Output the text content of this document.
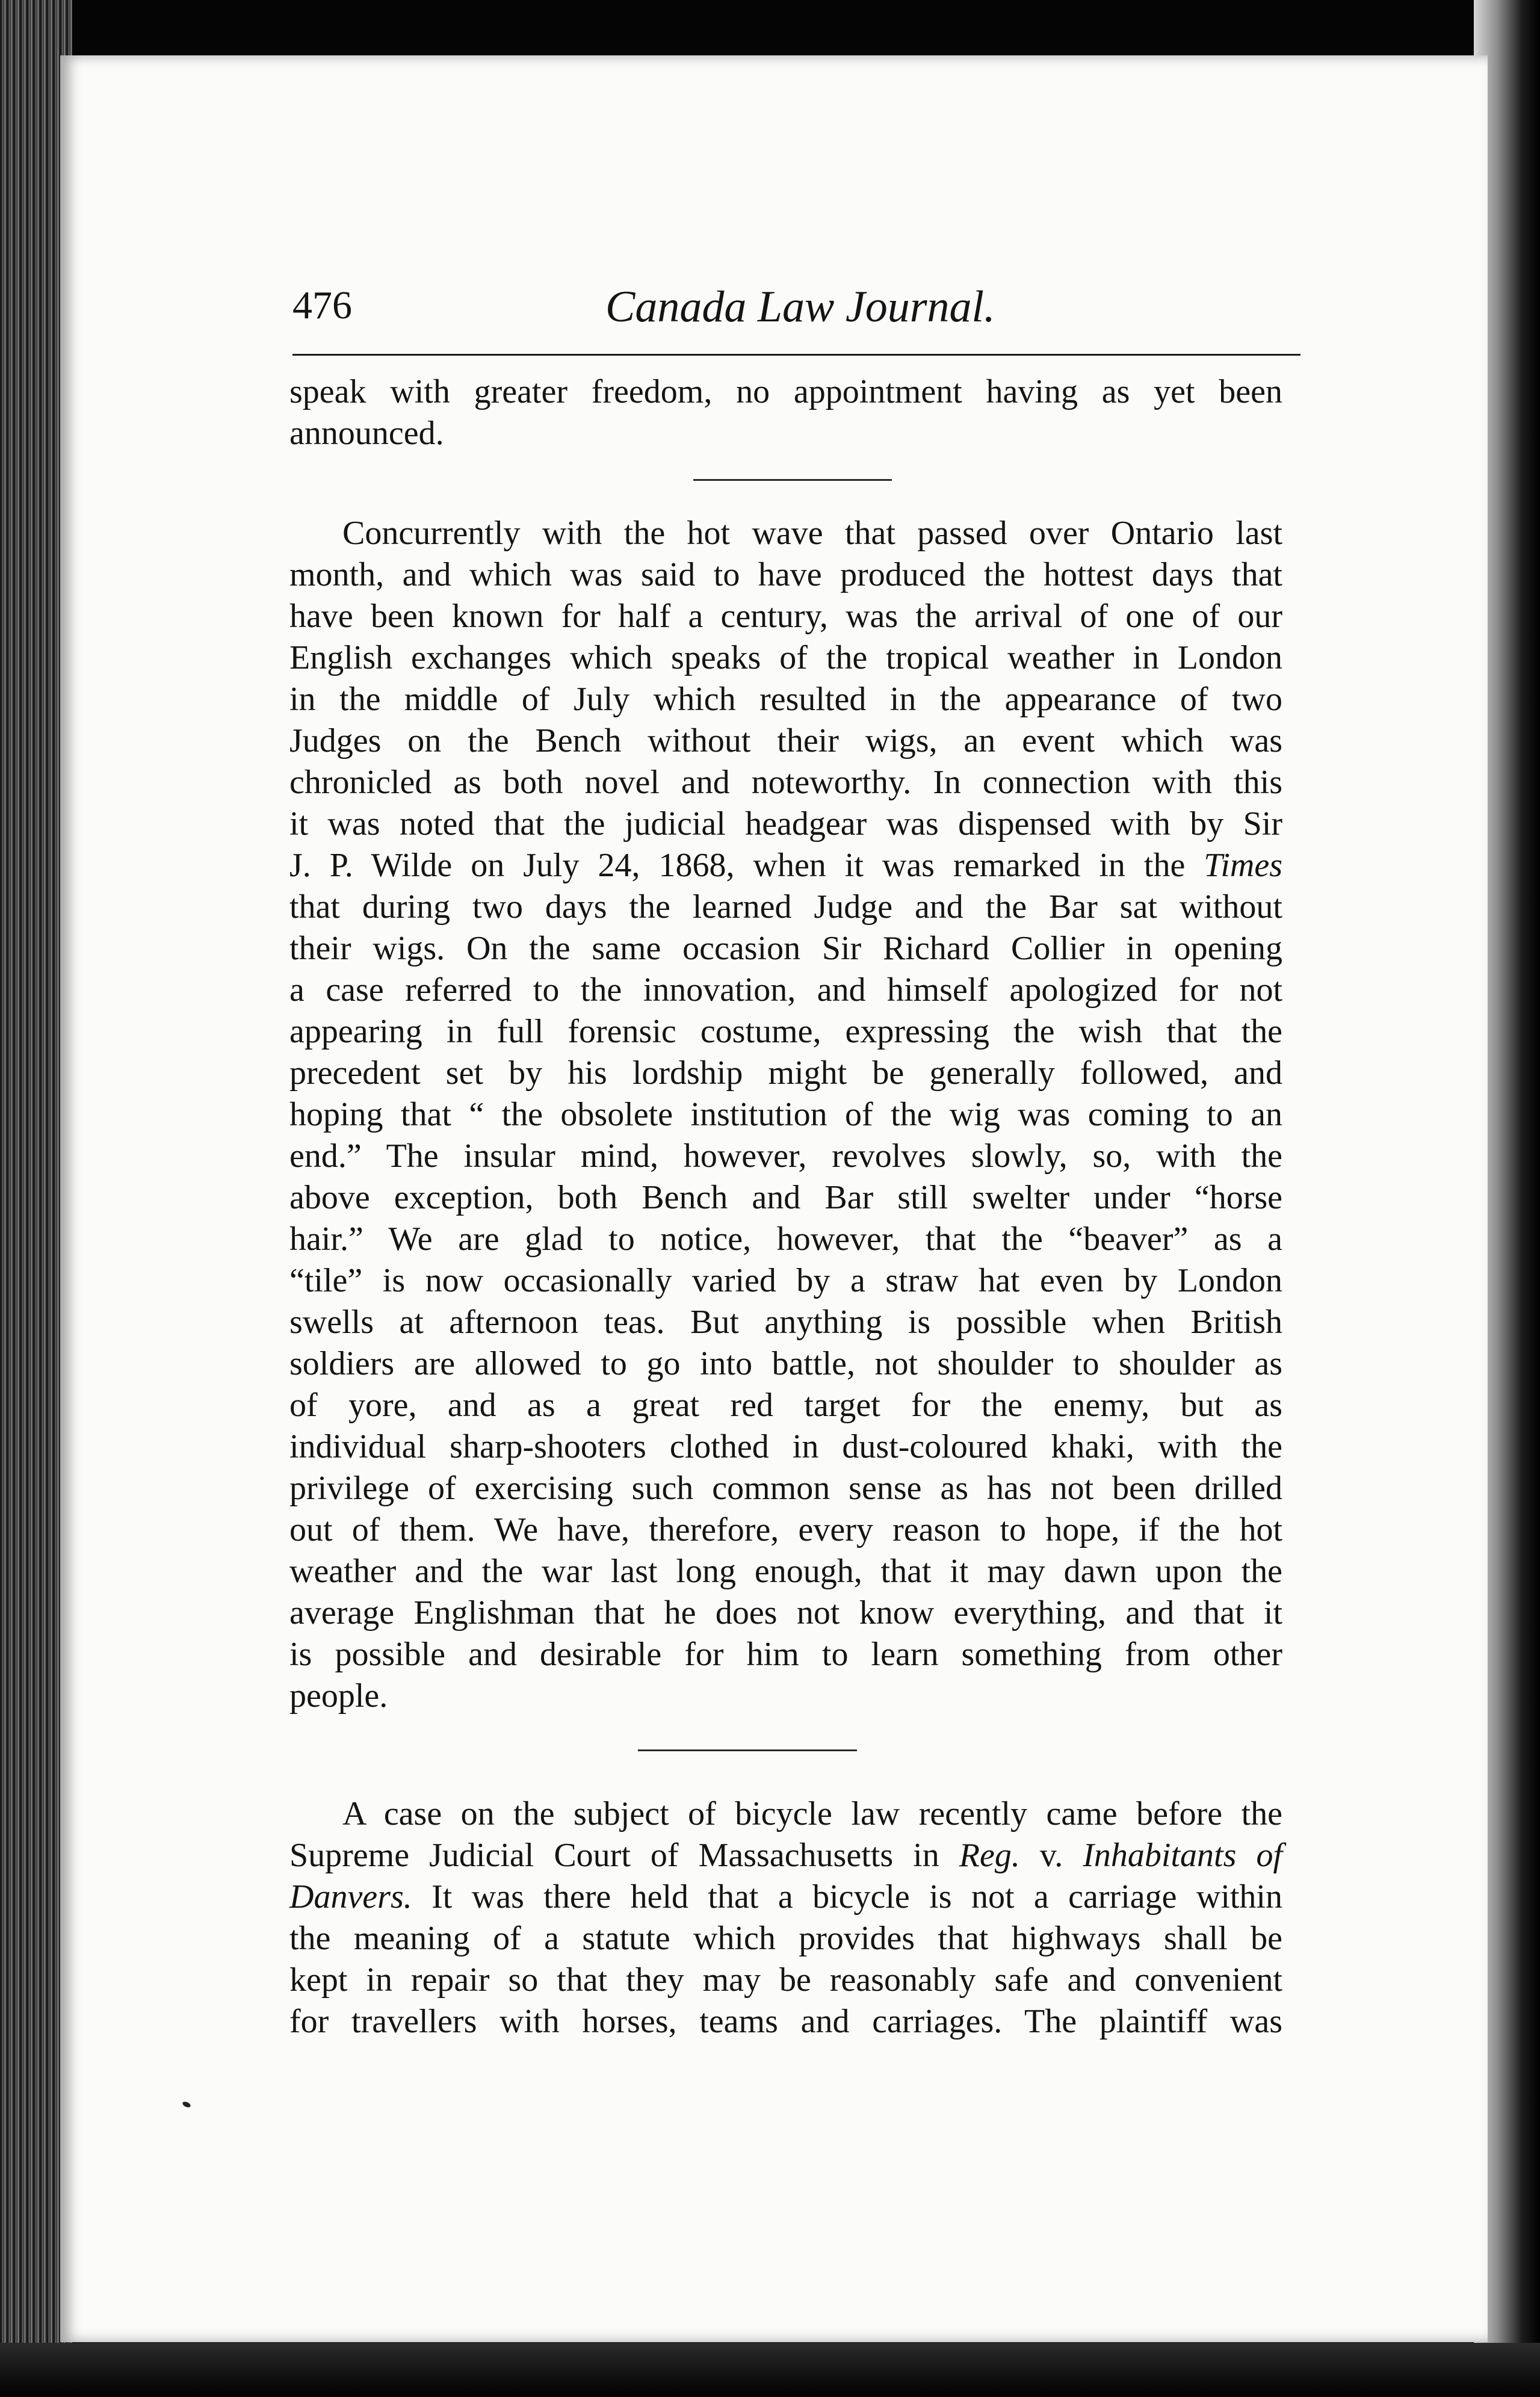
476	Canada Law Journal.
speak with greater freedom, no appointment having as yet been
announced.
Concurrently with the hot wave that passed over Ontario last
month, and which was said to have produced the hottest days that
have been known for half a century, was the arrival of one of our
English exchanges which speaks of the tropical weather in London
in the middle of July which resulted in the appearance of two
Judges on the Bench without their wigs, an event which was
chronicled as both novel and noteworthy. In connection with this
it was noted that the judicial headgear was dispensed with by Sir
J. P. Wilde on July 24, 1868, when it was remarked in the Times
that during two days the learned Judge and the Bar sat without
their wigs. On the same occasion Sir Richard Collier in opening
a case referred to the innovation, and himself apologized for not
appearing in full forensic costume, expressing the wish that the
precedent set by his lordship might be generally followed, and
hoping that “ the obsolete institution of the wig was coming to an
end.” The insular mind, however, revolves slowly, so, with the
above exception, both Bench and Bar still swelter under “horse
hair.” We are glad to notice, however, that the “beaver” as a
“tile” is now occasionally varied by a straw hat even by London
swells at afternoon teas. But anything is possible when British
soldiers are allowed to go into battle, not shoulder to shoulder as
of yore, and as a great red target for the enemy, but as
individual sharp-shooters clothed in dust-coloured khaki, with the
privilege of exercising such common sense as has not been drilled
out of them. We have, therefore, every reason to hope, if the hot
weather and the war last long enough, that it may dawn upon the
average Englishman that he does not know everything, and that it
is possible and desirable for him to learn something from other
people.
A case on the subject of bicycle law recently came before the
Supreme Judicial Court of Massachusetts in Reg. v. Inhabitants of
Danvers. It was there held that a bicycle is not a carriage within
the meaning of a statute which provides that highways shall be
kept in repair so that they may be reasonably safe and convenient
for travellers with horses, teams and carriages. The plaintiff was
